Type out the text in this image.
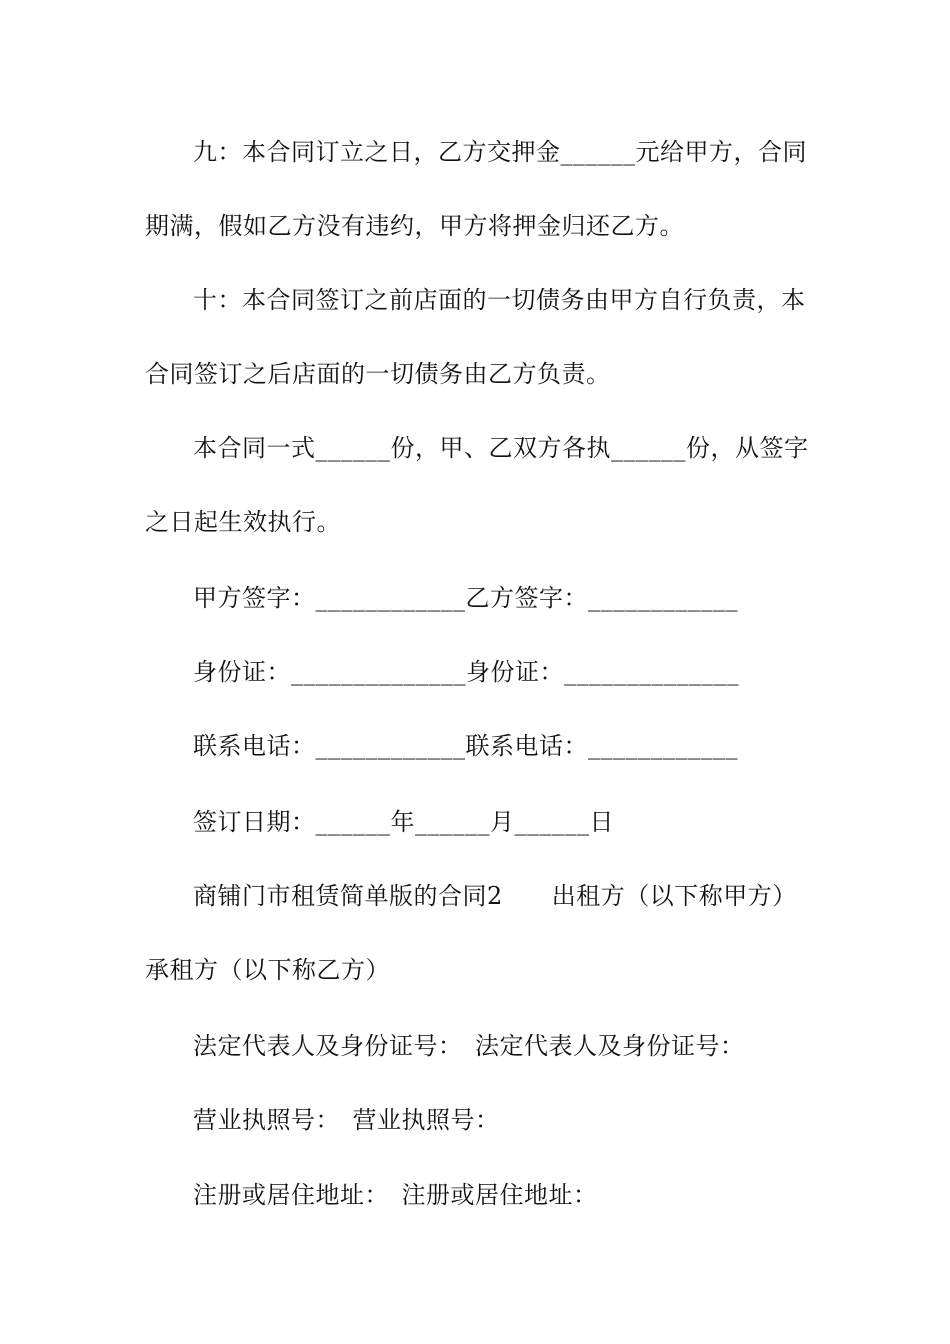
九：本合同订立之日，乙方交押金______元给甲方，合同
期满，假如乙方没有违约，甲方将押金归还乙方。
十：本合同签订之前店面的一切债务由甲方自行负责，本
合同签订之后店面的一切债务由乙方负责。
本合同一式______份，甲、乙双方各执______份，从签字
之日起生效执行。
甲方签字：____________乙方签字：____________
身份证：______________身份证：______________
联系电话：____________联系电话：____________
签订日期：______年______月______日
商铺门市租赁简单版的合同2　　出租方（以下称甲方）
承租方（以下称乙方）
法定代表人及身份证号：　法定代表人及身份证号：
营业执照号：　营业执照号：
注册或居住地址：　注册或居住地址：
